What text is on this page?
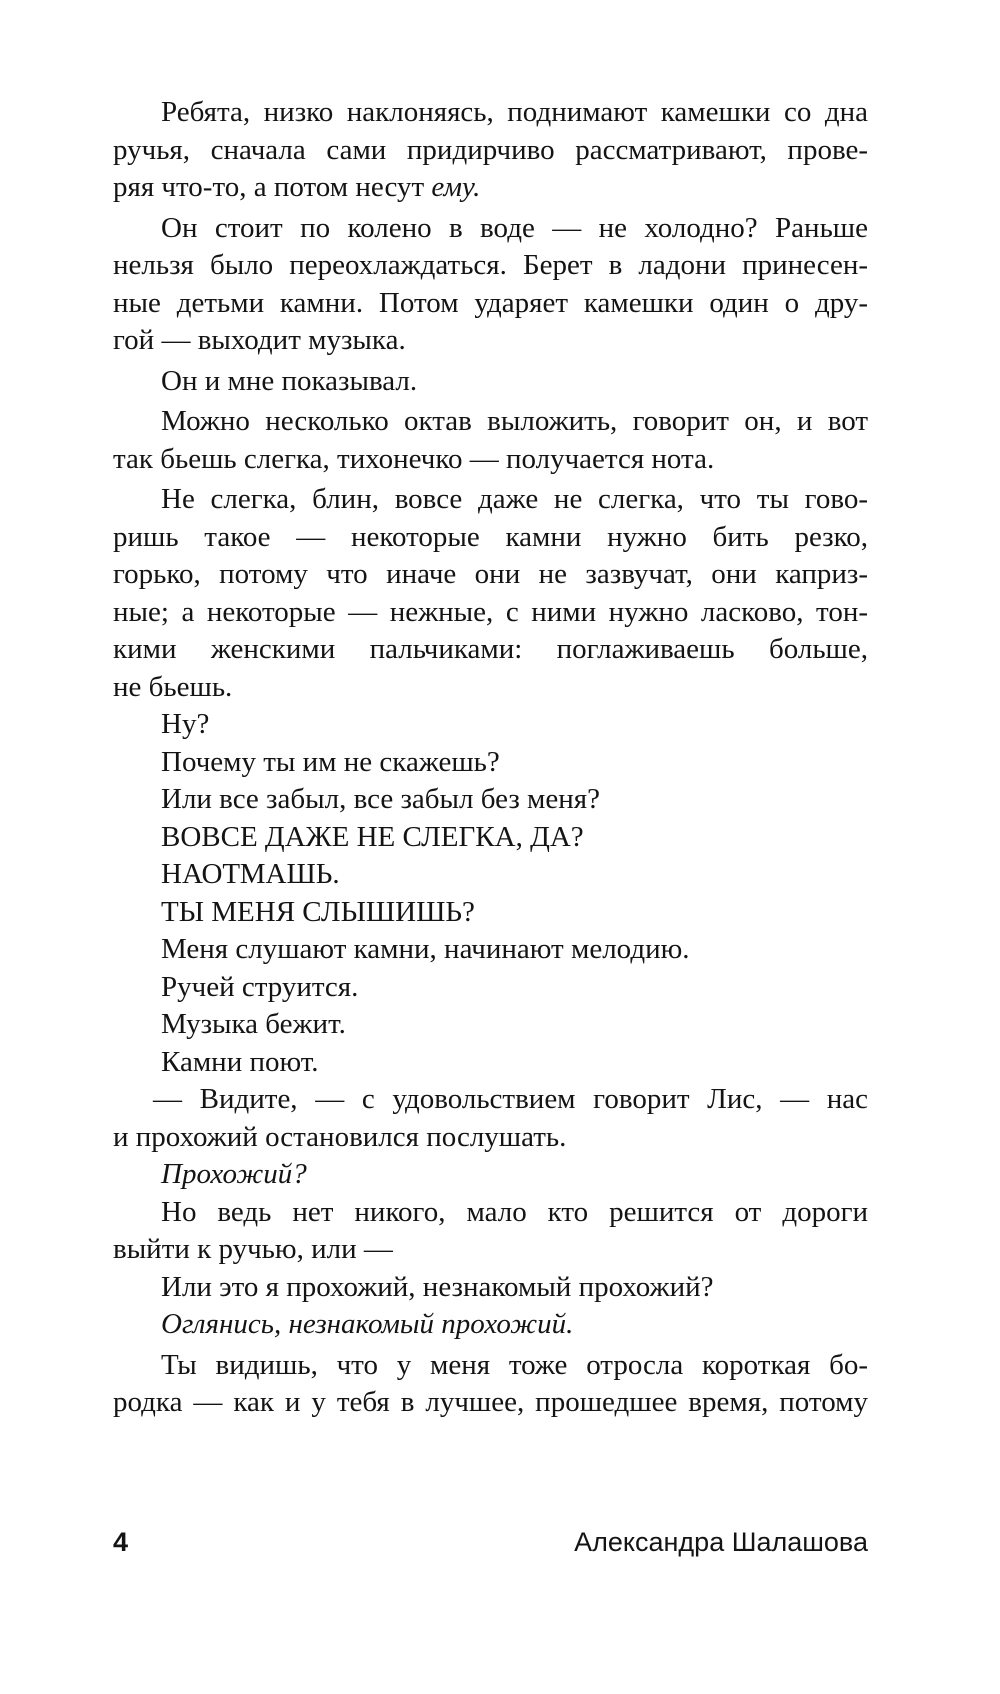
Ребята, низко наклоняясь, поднимают камешки со дна
ручья, сначала сами придирчиво рассматривают, прове-
ряя что-то, а потом несут ему.
Он стоит по колено в воде — не холодно? Раньше
нельзя было переохлаждаться. Берет в ладони принесен-
ные детьми камни. Потом ударяет камешки один о дру-
гой — выходит музыка.
Он и мне показывал.
Можно несколько октав выложить, говорит он, и вот
так бьешь слегка, тихонечко — получается нота.
Не слегка, блин, вовсе даже не слегка, что ты гово-
ришь такое — некоторые камни нужно бить резко,
горько, потому что иначе они не зазвучат, они каприз-
ные; а некоторые — нежные, с ними нужно ласково, тон-
кими женскими пальчиками: поглаживаешь больше,
не бьешь.
Ну?
Почему ты им не скажешь?
Или все забыл, все забыл без меня?
ВОВСЕ ДАЖЕ НЕ СЛЕГКА, ДА?
НАОТМАШЬ.
ТЫ МЕНЯ СЛЫШИШЬ?
Меня слушают камни, начинают мелодию.
Ручей струится.
Музыка бежит.
Камни поют.
— Видите, — с удовольствием говорит Лис, — нас
и прохожий остановился послушать.
Прохожий?
Но ведь нет никого, мало кто решится от дороги
выйти к ручью, или —
Или это я прохожий, незнакомый прохожий?
Оглянись, незнакомый прохожий.
Ты видишь, что у меня тоже отросла короткая бо-
родка — как и у тебя в лучшее, прошедшее время, потому
4	Александра Шалашова
